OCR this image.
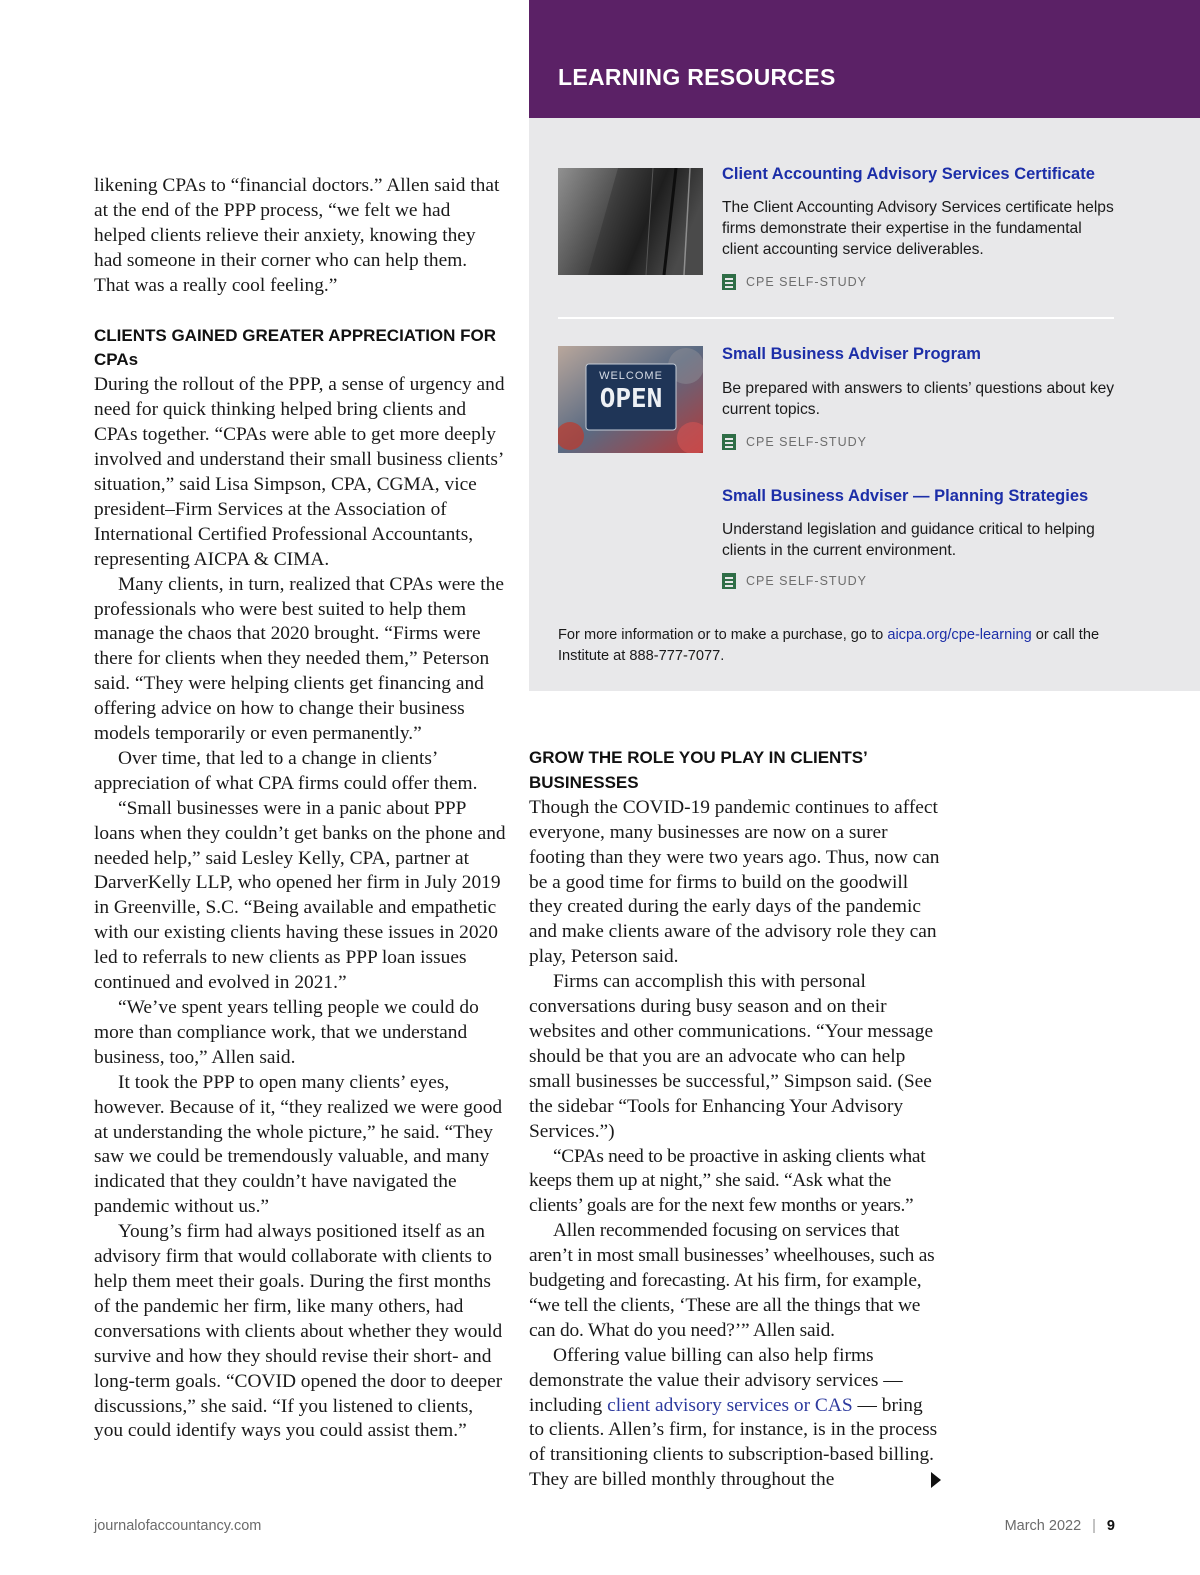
likening CPAs to “financial doctors.” Allen said that at the end of the PPP process, “we felt we had helped clients relieve their anxiety, knowing they had someone in their corner who can help them. That was a really cool feeling.”

CLIENTS GAINED GREATER APPRECIATION FOR CPAs

During the rollout of the PPP, a sense of urgency and need for quick thinking helped bring clients and CPAs together. “CPAs were able to get more deeply involved and understand their small business clients’ situation,” said Lisa Simpson, CPA, CGMA, vice president–Firm Services at the Association of International Certified Professional Accountants, representing AICPA & CIMA.

Many clients, in turn, realized that CPAs were the professionals who were best suited to help them manage the chaos that 2020 brought. “Firms were there for clients when they needed them,” Peterson said. “They were helping clients get financing and offering advice on how to change their business models temporarily or even permanently.”

Over time, that led to a change in clients’ appreciation of what CPA firms could offer them.

“Small businesses were in a panic about PPP loans when they couldn’t get banks on the phone and needed help,” said Lesley Kelly, CPA, partner at DarverKelly LLP, who opened her firm in July 2019 in Greenville, S.C. “Being available and empathetic with our existing clients having these issues in 2020 led to referrals to new clients as PPP loan issues continued and evolved in 2021.”

“We’ve spent years telling people we could do more than compliance work, that we understand business, too,” Allen said.

It took the PPP to open many clients’ eyes, however. Because of it, “they realized we were good at understanding the whole picture,” he said. “They saw we could be tremendously valuable, and many indicated that they couldn’t have navigated the pandemic without us.”

Young’s firm had always positioned itself as an advisory firm that would collaborate with clients to help them meet their goals. During the first months of the pandemic her firm, like many others, had conversations with clients about whether they would survive and how they should revise their short- and long-term goals. “COVID opened the door to deeper discussions,” she said. “If you listened to clients, you could identify ways you could assist them.”

LEARNING RESOURCES
Client Accounting Advisory Services Certificate
The Client Accounting Advisory Services certificate helps firms demonstrate their expertise in the fundamental client accounting service deliverables.
CPE SELF-STUDY
WELCOME
OPEN
Small Business Adviser Program
Be prepared with answers to clients’ questions about key current topics.
CPE SELF-STUDY
Small Business Adviser — Planning Strategies
Understand legislation and guidance critical to helping clients in the current environment.
CPE SELF-STUDY
For more information or to make a purchase, go to aicpa.org/cpe-learning or call the Institute at 888-777-7077.
GROW THE ROLE YOU PLAY IN CLIENTS’ BUSINESSES

Though the COVID-19 pandemic continues to affect everyone, many businesses are now on a surer footing than they were two years ago. Thus, now can be a good time for firms to build on the goodwill they created during the early days of the pandemic and make clients aware of the advisory role they can play, Peterson said.

Firms can accomplish this with personal conversations during busy season and on their websites and other communications. “Your message should be that you are an advocate who can help small businesses be successful,” Simpson said. (See the sidebar “Tools for Enhancing Your Advisory Services.”)

“CPAs need to be proactive in asking clients what keeps them up at night,” she said. “Ask what the clients’ goals are for the next few months or years.”

Allen recommended focusing on services that aren’t in most small businesses’ wheelhouses, such as budgeting and forecasting. At his firm, for example, “we tell the clients, ‘These are all the things that we can do. What do you need?’” Allen said.

Offering value billing can also help firms demonstrate the value their advisory services — including client advisory services or CAS — bring to clients. Allen’s firm, for instance, is in the process of transitioning clients to subscription-based billing. They are billed monthly throughout the

journalofaccountancy.com	March 2022 | 9
